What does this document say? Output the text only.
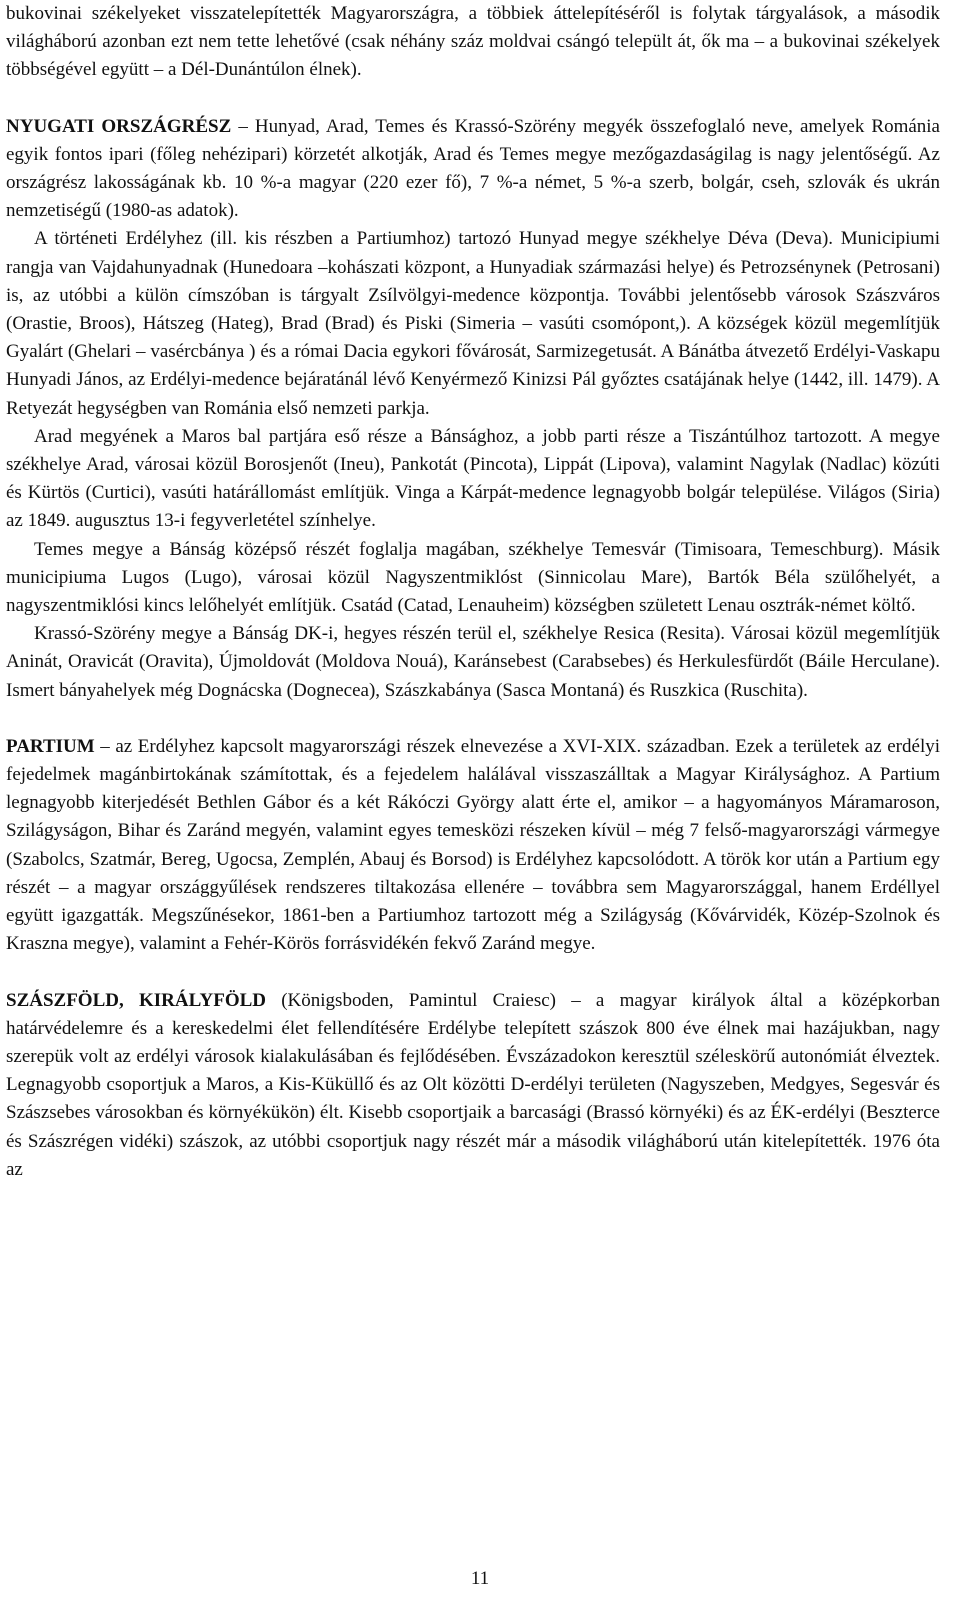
bukovinai székelyeket visszatelepítették Magyarországra, a többiek áttelepítéséről is folytak tárgyalások, a második világháború azonban ezt nem tette lehetővé (csak néhány száz moldvai csángó települt át, ők ma – a bukovinai székelyek többségével együtt – a Dél-Dunántúlon élnek).

NYUGATI ORSZÁGRÉSZ – Hunyad, Arad, Temes és Krassó-Szörény megyék összefoglaló neve, amelyek Románia egyik fontos ipari (főleg nehézipari) körzetét alkotják, Arad és Temes megye mezőgazdaságilag is nagy jelentőségű. Az országrész lakosságának kb. 10 %-a magyar (220 ezer fő), 7 %-a német, 5 %-a szerb, bolgár, cseh, szlovák és ukrán nemzetiségű (1980-as adatok).

A történeti Erdélyhez (ill. kis részben a Partiumhoz) tartozó Hunyad megye székhelye Déva (Deva). Municipiumi rangja van Vajdahunyadnak (Hunedoara –kohászati központ, a Hunyadiak származási helye) és Petrozsénynek (Petrosani) is, az utóbbi a külön címszóban is tárgyalt Zsílvölgyi-medence központja. További jelentősebb városok Szászváros (Orastie, Broos), Hátszeg (Hateg), Brad (Brad) és Piski (Simeria – vasúti csomópont,). A községek közül megemlítjük Gyalárt (Ghelari – vasércbánya ) és a római Dacia egykori fővárosát, Sarmizegetusát. A Bánátba átvezető Erdélyi-Vaskapu Hunyadi János, az Erdélyi-medence bejáratánál lévő Kenyérmező Kinizsi Pál győztes csatájának helye (1442, ill. 1479). A Retyezát hegységben van Románia első nemzeti parkja.

Arad megyének a Maros bal partjára eső része a Bánsághoz, a jobb parti része a Tiszántúlhoz tartozott. A megye székhelye Arad, városai közül Borosjenőt (Ineu), Pankotát (Pincota), Lippát (Lipova), valamint Nagylak (Nadlac) közúti és Kürtös (Curtici), vasúti határállomást említjük. Vinga a Kárpát-medence legnagyobb bolgár települése. Világos (Siria) az 1849. augusztus 13-i fegyverletétel színhelye.

Temes megye a Bánság középső részét foglalja magában, székhelye Temesvár (Timisoara, Temeschburg). Másik municipiuma Lugos (Lugo), városai közül Nagyszentmiklóst (Sinnicolau Mare), Bartók Béla szülőhelyét, a nagyszentmiklósi kincs lelőhelyét említjük. Csatád (Catad, Lenauheim) községben született Lenau osztrák-német költő.

Krassó-Szörény megye a Bánság DK-i, hegyes részén terül el, székhelye Resica (Resita). Városai közül megemlítjük Aninát, Oravicát (Oravita), Újmoldovát (Moldova Nouá), Karánsebest (Carabsebes) és Herkulesfürdőt (Báile Herculane). Ismert bányahelyek még Dognácska (Dognecea), Szászkabánya (Sasca Montaná) és Ruszkica (Ruschita).

PARTIUM – az Erdélyhez kapcsolt magyarországi részek elnevezése a XVI-XIX. században. Ezek a területek az erdélyi fejedelmek magánbirtokának számítottak, és a fejedelem halálával visszaszálltak a Magyar Királysághoz. A Partium legnagyobb kiterjedését Bethlen Gábor és a két Rákóczi György alatt érte el, amikor – a hagyományos Máramaroson, Szilágyságon, Bihar és Zaránd megyén, valamint egyes temesközi részeken kívül – még 7 felső-magyarországi vármegye (Szabolcs, Szatmár, Bereg, Ugocsa, Zemplén, Abauj és Borsod) is Erdélyhez kapcsolódott. A török kor után a Partium egy részét – a magyar országgyűlések rendszeres tiltakozása ellenére – továbbra sem Magyarországgal, hanem Erdéllyel együtt igazgatták. Megszűnésekor, 1861-ben a Partiumhoz tartozott még a Szilágyság (Kővárvidék, Közép-Szolnok és Kraszna megye), valamint a Fehér-Körös forrásvidékén fekvő Zaránd megye.

SZÁSZFÖLD, KIRÁLYFÖLD (Königsboden, Pamintul Craiesc) – a magyar királyok által a középkorban határvédelemre és a kereskedelmi élet fellendítésére Erdélybe telepített szászok 800 éve élnek mai hazájukban, nagy szerepük volt az erdélyi városok kialakulásában és fejlődésében. Évszázadokon keresztül széleskörű autonómiát élveztek. Legnagyobb csoportjuk a Maros, a Kis-Küküllő és az Olt közötti D-erdélyi területen (Nagyszeben, Medgyes, Segesvár és Szászsebes városokban és környékükön) élt. Kisebb csoportjaik a barcasági (Brassó környéki) és az ÉK-erdélyi (Beszterce és Szászrégen vidéki) szászok, az utóbbi csoportjuk nagy részét már a második világháború után kitelepítették. 1976 óta az

11
